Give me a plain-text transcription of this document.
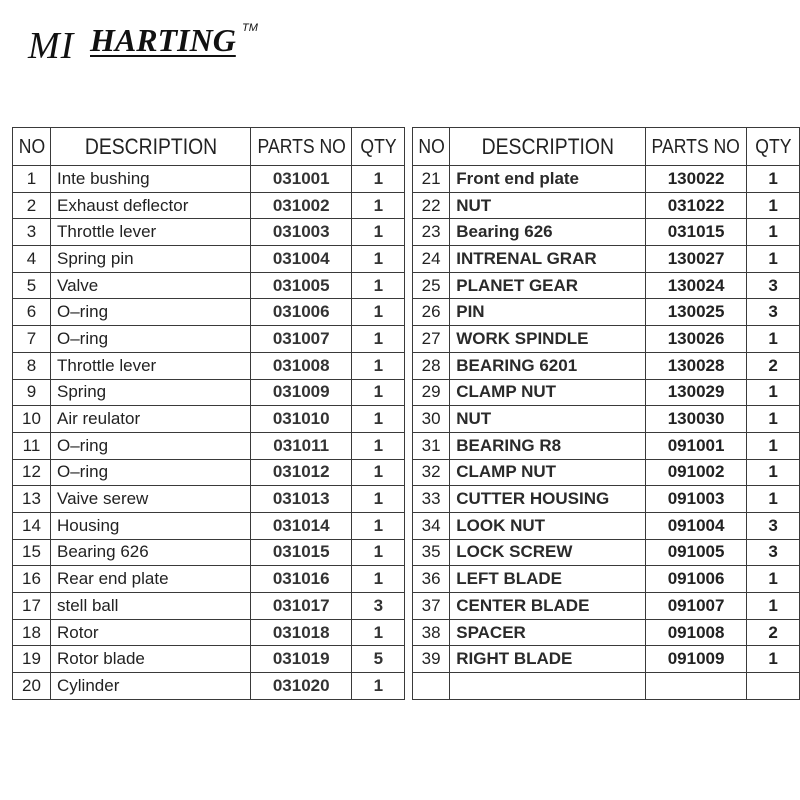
MI HARTING TM
NO	DESCRIPTION	PARTS NO	QTY
1	Inte bushing	031001	1
2	Exhaust deflector	031002	1
3	Throttle lever	031003	1
4	Spring pin	031004	1
5	Valve	031005	1
6	O–ring	031006	1
7	O–ring	031007	1
8	Throttle lever	031008	1
9	Spring	031009	1
10	Air reulator	031010	1
11	O–ring	031011	1
12	O–ring	031012	1
13	Vaive serew	031013	1
14	Housing	031014	1
15	Bearing 626	031015	1
16	Rear end plate	031016	1
17	stell ball	031017	3
18	Rotor	031018	1
19	Rotor blade	031019	5
20	Cylinder	031020	1
NO	DESCRIPTION	PARTS NO	QTY
21	Front end plate	130022	1
22	NUT	031022	1
23	Bearing 626	031015	1
24	INTRENAL GRAR	130027	1
25	PLANET GEAR	130024	3
26	PIN	130025	3
27	WORK SPINDLE	130026	1
28	BEARING 6201	130028	2
29	CLAMP NUT	130029	1
30	NUT	130030	1
31	BEARING R8	091001	1
32	CLAMP NUT	091002	1
33	CUTTER HOUSING	091003	1
34	LOOK NUT	091004	3
35	LOCK SCREW	091005	3
36	LEFT BLADE	091006	1
37	CENTER BLADE	091007	1
38	SPACER	091008	2
39	RIGHT BLADE	091009	1
